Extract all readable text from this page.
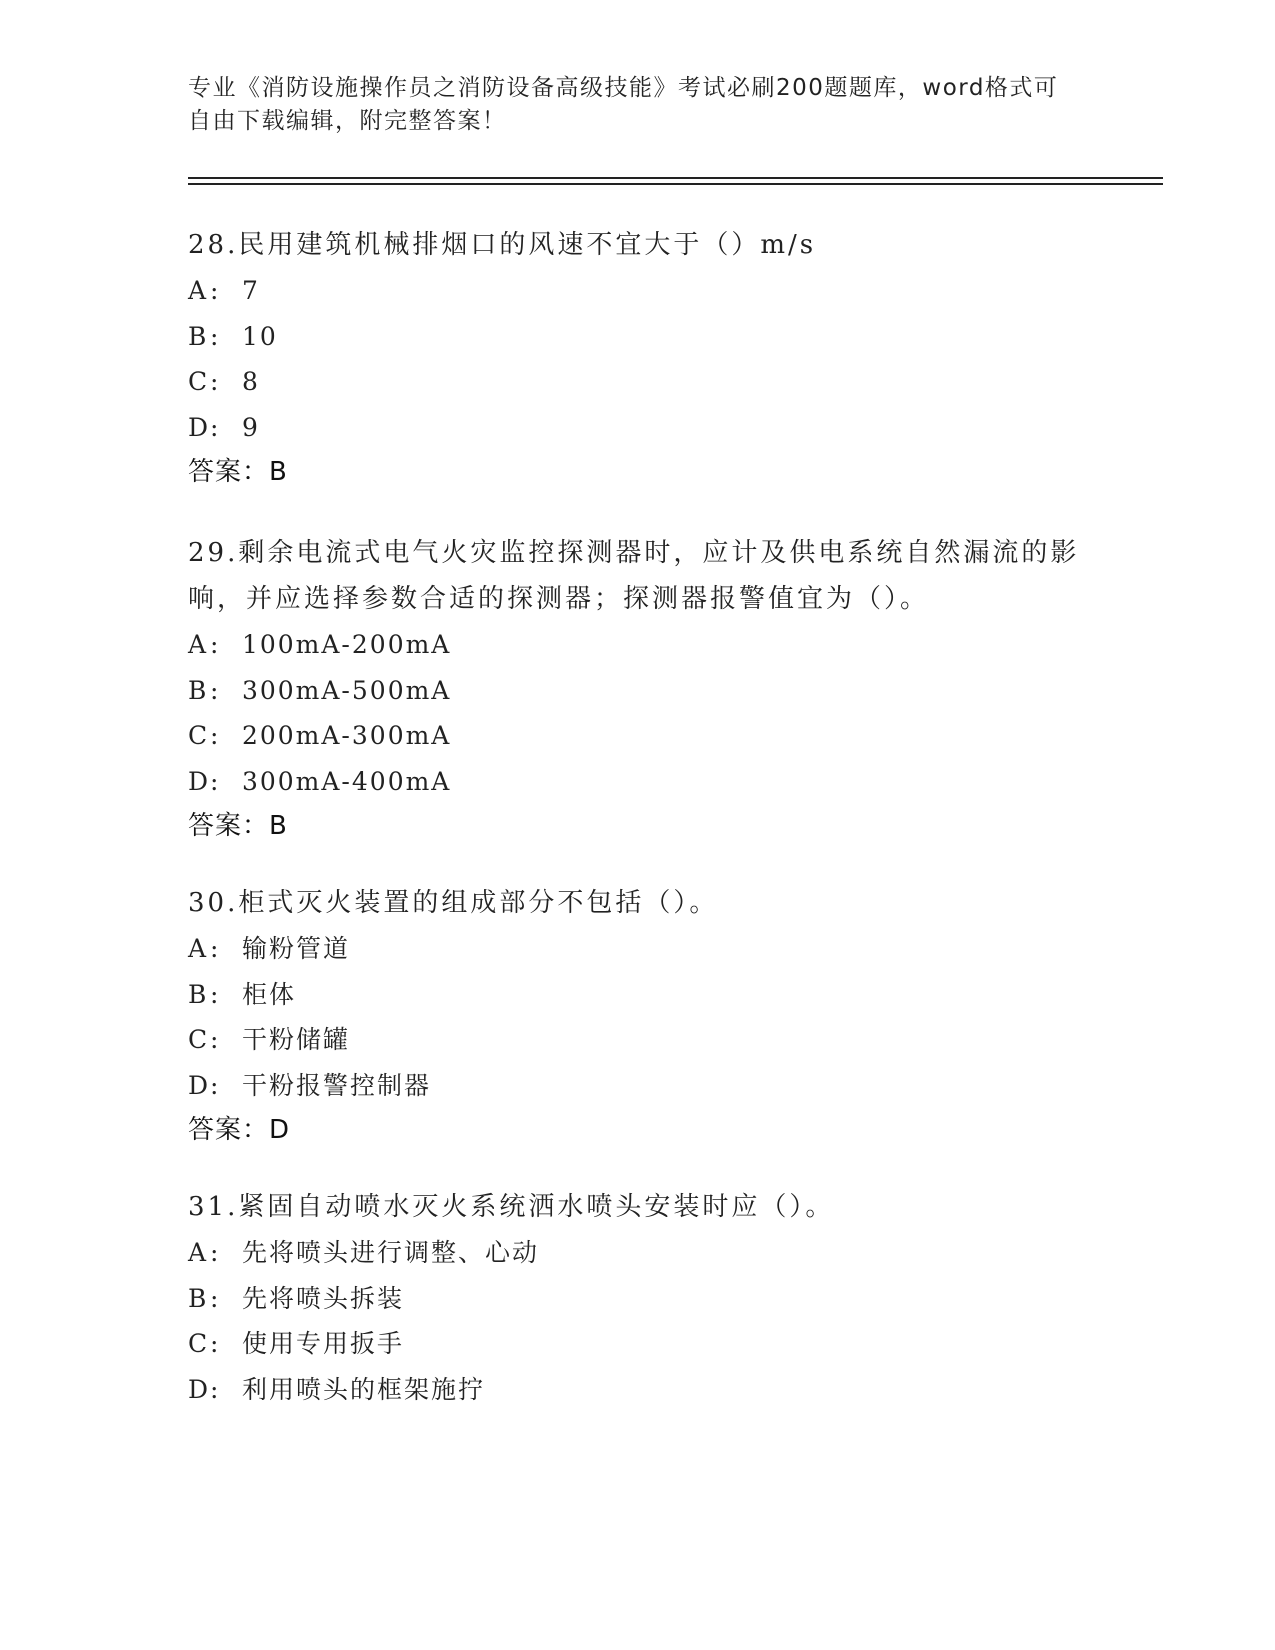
专业《消防设施操作员之消防设备高级技能》考试必刷200题题库，word格式可
自由下载编辑，附完整答案！
28.民用建筑机械排烟口的风速不宜大于（）m/s
A: 7
B: 10
C: 8
D: 9
答案：B
29.剩余电流式电气火灾监控探测器时，应计及供电系统自然漏流的影响，并应选择参数合适的探测器；探测器报警值宜为（）。
A: 100mA-200mA
B: 300mA-500mA
C: 200mA-300mA
D: 300mA-400mA
答案：B
30.柜式灭火装置的组成部分不包括（）。
A: 输粉管道
B: 柜体
C: 干粉储罐
D: 干粉报警控制器
答案：D
31.紧固自动喷水灭火系统洒水喷头安装时应（）。
A: 先将喷头进行调整、心动
B: 先将喷头拆装
C: 使用专用扳手
D: 利用喷头的框架施拧
